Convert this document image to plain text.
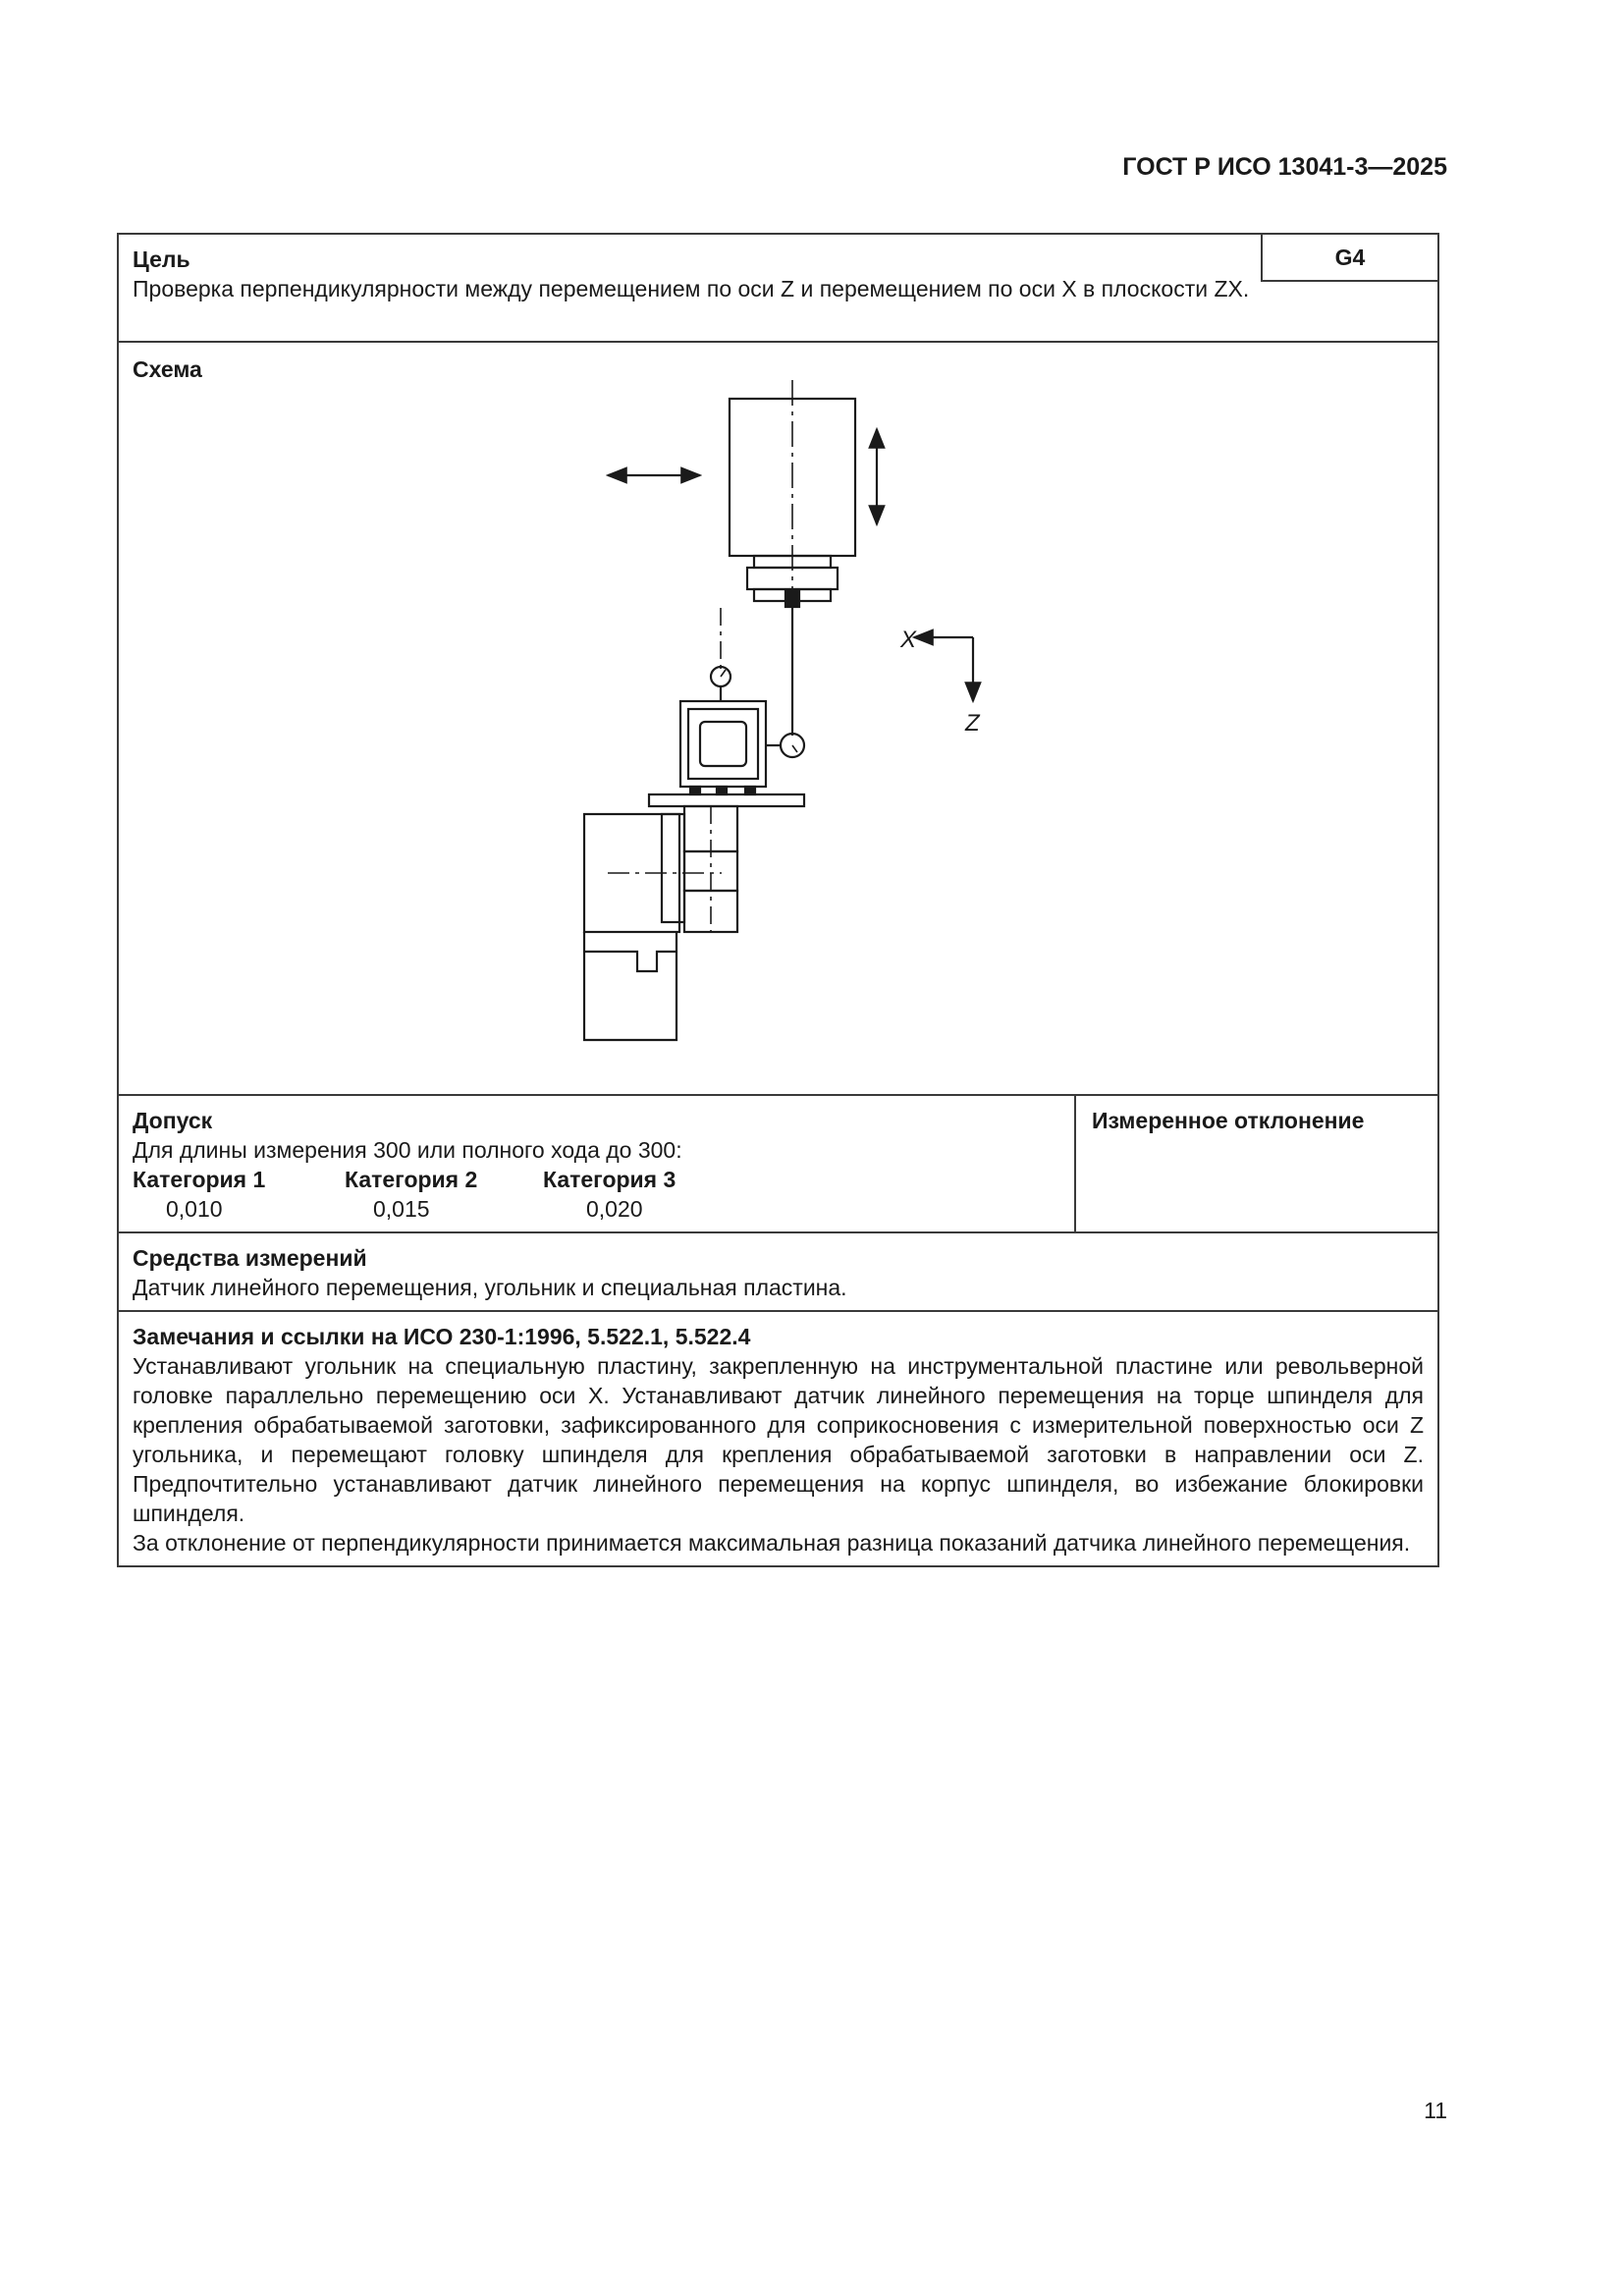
ГОСТ Р ИСО 13041-3—2025
Цель
Проверка перпендикулярности между перемещением по оси Z и перемещением по оси X в плоскости ZX.
G4
Схема
X
Z
Допуск
Для длины измерения 300 или полного хода до 300:
Категория 1	Категория 2	Категория 3
0,010	0,015	0,020
Измеренное отклонение
Средства измерений
Датчик линейного перемещения, угольник и специальная пластина.
Замечания и ссылки на ИСО 230-1:1996, 5.522.1, 5.522.4
Устанавливают угольник на специальную пластину, закрепленную на инструментальной пластине или револьверной головке параллельно перемещению оси X. Устанавливают датчик линейного перемещения на торце шпинделя для крепления обрабатываемой заготовки, зафиксированного для соприкосновения с измерительной поверхностью оси Z угольника, и перемещают головку шпинделя для крепления обрабатываемой заготовки в направлении оси Z. Предпочтительно устанавливают датчик линейного перемещения на корпус шпинделя, во избежание блокировки шпинделя.
За отклонение от перпендикулярности принимается максимальная разница показаний датчика линейного перемещения.
11
